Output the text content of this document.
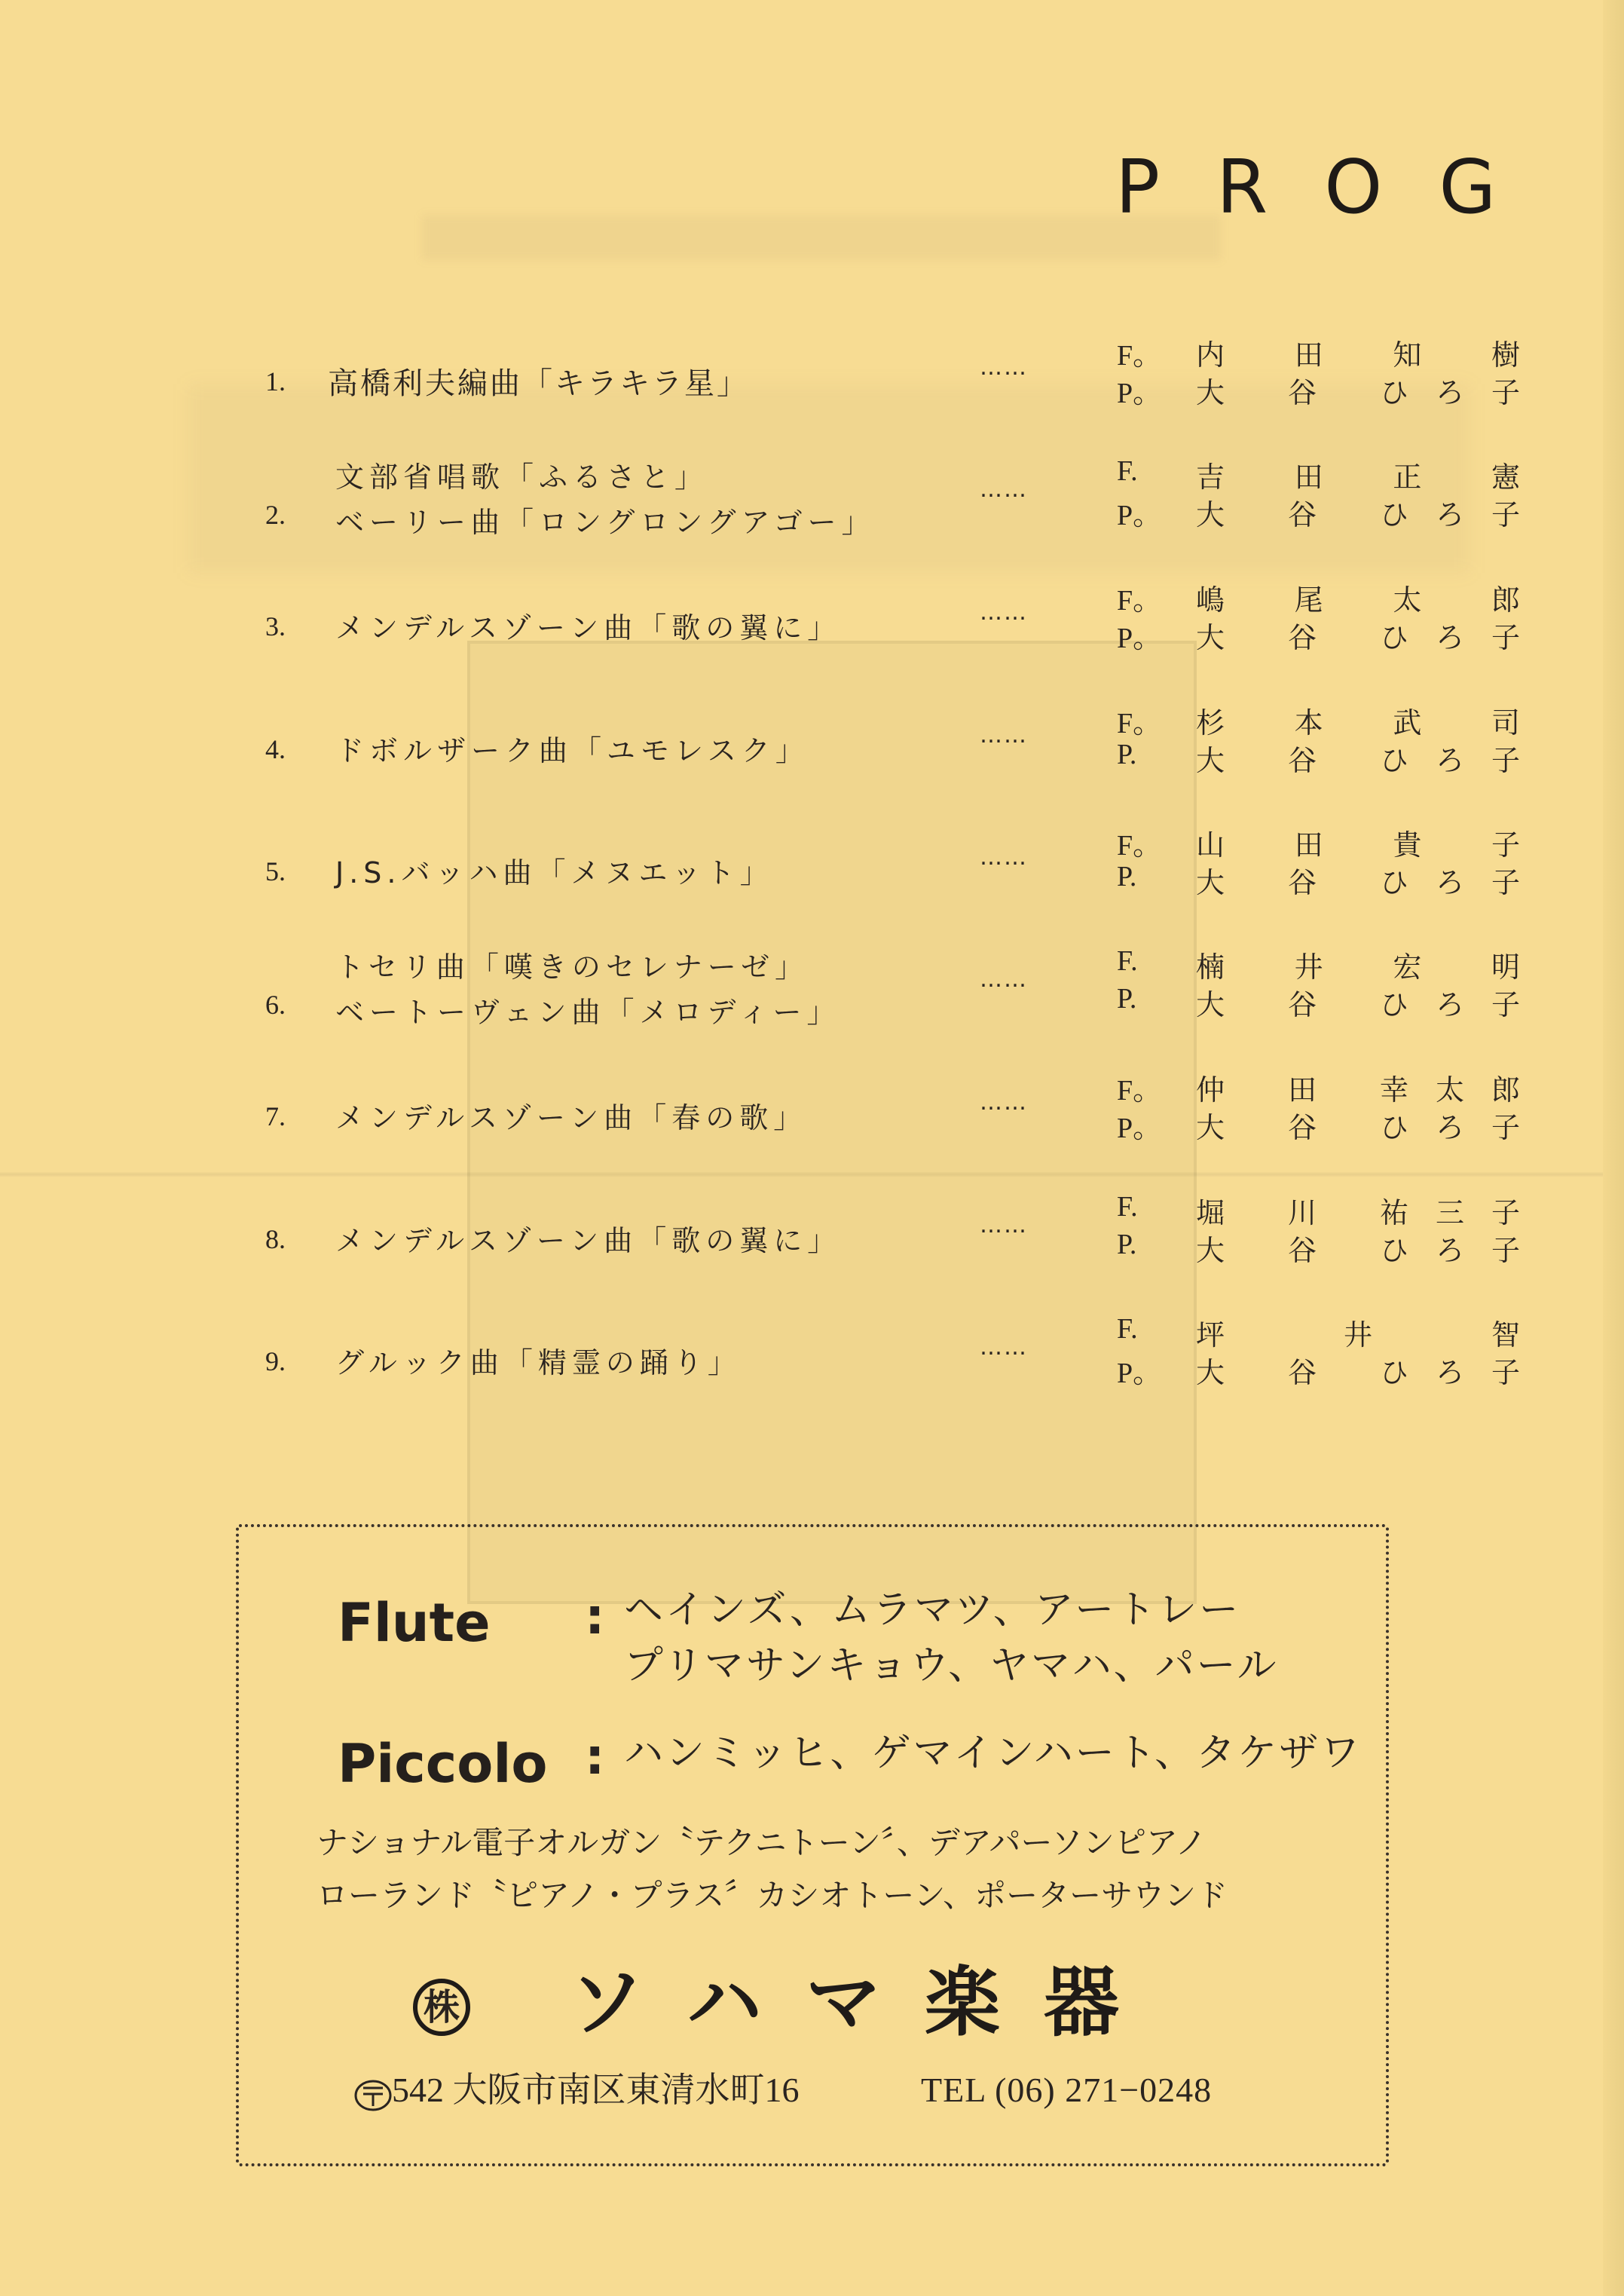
PROG
1. 高橋利夫編曲「キラキラ星」	……	F。 内 田 知 樹
P。 大 谷 ひろ子
2.
文部省唱歌「ふるさと」
ベーリー曲「ロングロングアゴー」
……
F. 吉 田 正 憲
P。 大 谷 ひろ子
3. メンデルスゾーン曲「歌の翼に」	……	F。 嶋 尾 太 郎
P。 大 谷 ひろ子
4. ドボルザーク曲「ユモレスク」	……	F。 杉 本 武 司
P. 大 谷 ひろ子
5. J.S.バッハ曲「メヌエット」	……	F。 山 田 貴 子
P. 大 谷 ひろ子
6.
トセリ曲「嘆きのセレナーゼ」
ベートーヴェン曲「メロディー」
……
F. 楠 井 宏 明
P. 大 谷 ひろ子
7. メンデルスゾーン曲「春の歌」	……	F。 仲 田 幸太郎
P。 大 谷 ひろ子
8. メンデルスゾーン曲「歌の翼に」	……
F. 堀 川 祐三子
P. 大 谷 ひろ子
9. グルック曲「精霊の踊り」	……
F. 坪 井 智
P。 大 谷 ひろ子
Flute : ヘインズ、ムラマツ、アートレー
プリマサンキョウ、ヤマハ、パール
Piccolo : ハンミッヒ、ゲマインハート、タケザワ
ナショナル電子オルガン〝テクニトーン〞、デアパーソンピアノ
ローランド〝ピアノ・プラス〞カシオトーン、ポーターサウンド
株 ソハマ楽器
542 大阪市南区東清水町16	TEL (06) 271−0248
